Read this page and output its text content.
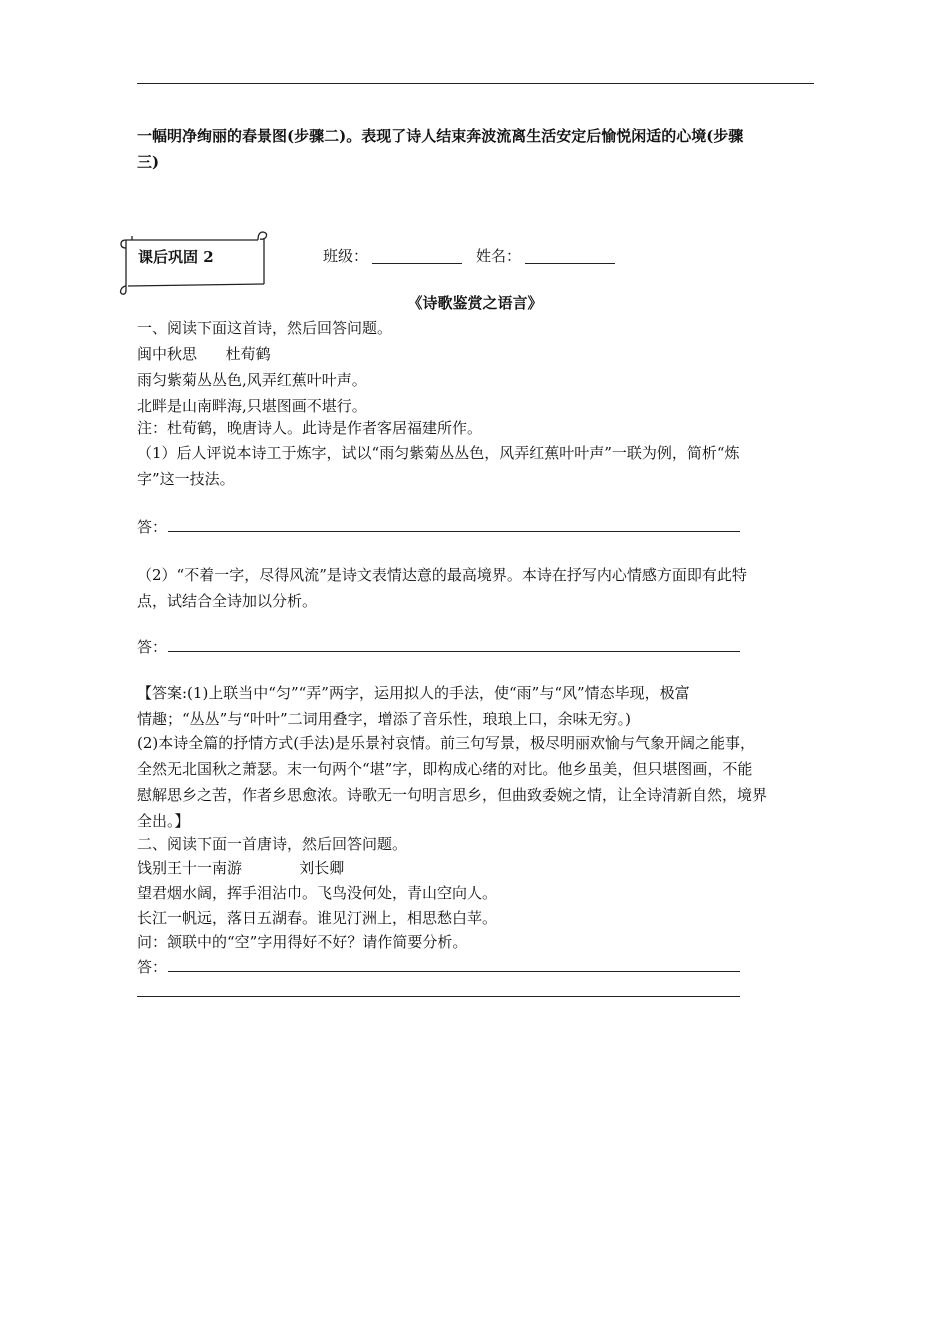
一幅明净绚丽的春景图(步骤二)。表现了诗人结束奔波流离生活安定后愉悦闲适的心境(步骤
三)
课后巩固 2	班级：	姓名：
《诗歌鉴赏之语言》
一、阅读下面这首诗，然后回答问题。
闽中秋思      杜荀鹤
雨匀紫菊丛丛色,风弄红蕉叶叶声。
北畔是山南畔海,只堪图画不堪行。
注：杜荀鹤，晚唐诗人。此诗是作者客居福建所作。
（1）后人评说本诗工于炼字，试以“雨匀紫菊丛丛色，风弄红蕉叶叶声”一联为例，简析“炼
字”这一技法。
答：
（2）“不着一字，尽得风流”是诗文表情达意的最高境界。本诗在抒写内心情感方面即有此特
点，试结合全诗加以分析。
答：
【答案:(1)上联当中“匀”“弄”两字，运用拟人的手法，使“雨”与“风”情态毕现，极富
情趣；“丛丛”与“叶叶”二词用叠字，增添了音乐性，琅琅上口，余味无穷。)
(2)本诗全篇的抒情方式(手法)是乐景衬哀情。前三句写景，极尽明丽欢愉与气象开阔之能事，
全然无北国秋之萧瑟。末一句两个“堪”字，即构成心绪的对比。他乡虽美，但只堪图画，不能
慰解思乡之苦，作者乡思愈浓。诗歌无一句明言思乡，但曲致委婉之情，让全诗清新自然，境界
全出。】
二、阅读下面一首唐诗，然后回答问题。
饯别王十一南游            刘长卿
望君烟水阔，挥手泪沾巾。飞鸟没何处，青山空向人。
长江一帆远，落日五湖春。谁见汀洲上，相思愁白苹。
问：颔联中的“空”字用得好不好？请作简要分析。
答：
